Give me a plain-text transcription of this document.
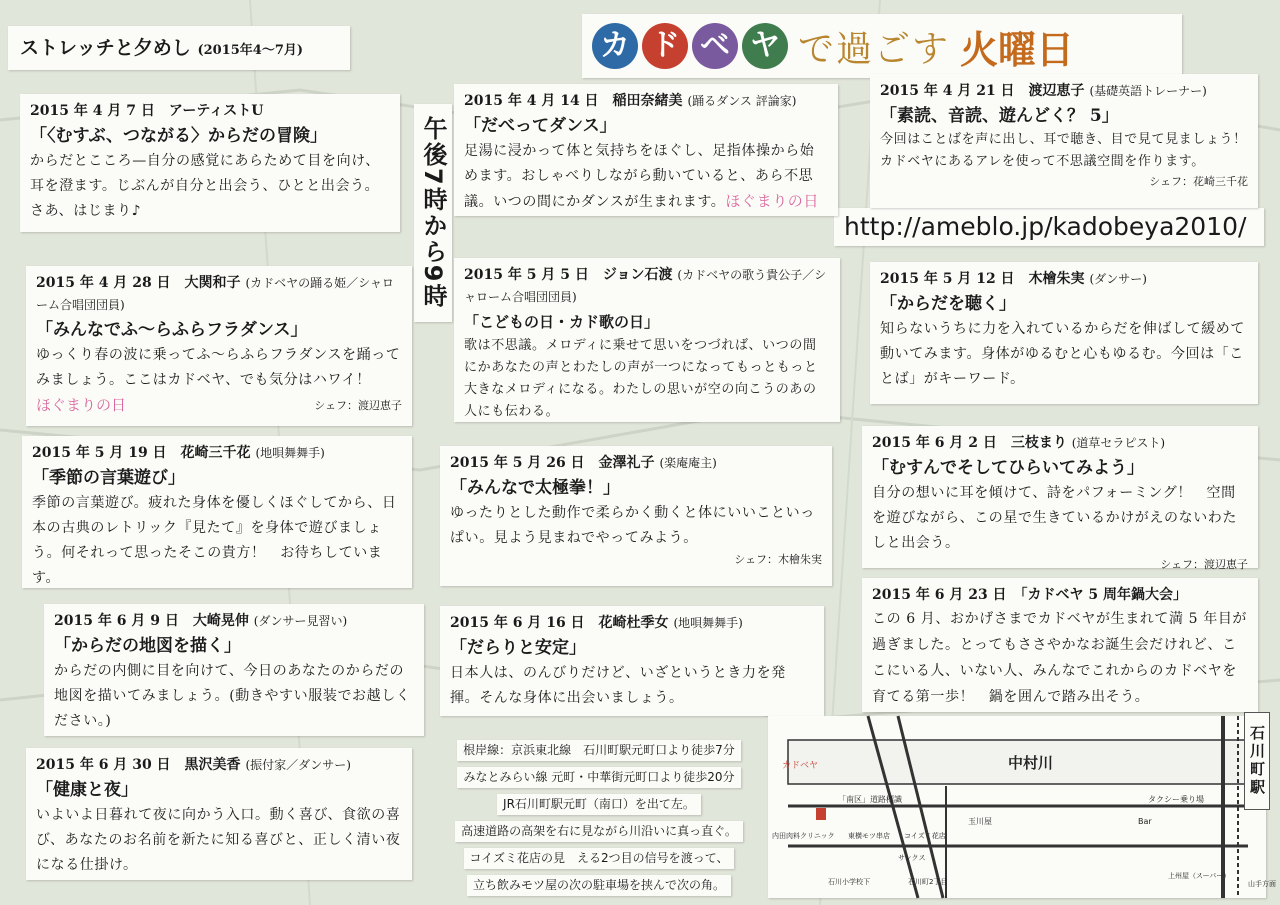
ストレッチと夕めし (2015年4〜7月)	カ ド ベ ヤ で過ごす 火曜日
午後7時から9時	http://ameblo.jp/kadobeya2010/
2015 年 4 月 7 日　アーティストU
「〈むすぶ、つながる〉からだの冒険」
からだとこころ—自分の感覚にあらためて目を向け、耳を澄ます。じぶんが自分と出会う、ひとと出会う。さあ、はじまり♪
2015 年 4 月 14 日　稲田奈緒美 (踊るダンス 評論家)
「だべってダンス」
足湯に浸かって体と気持ちをほぐし、足指体操から始めます。おしゃべりしながら動いていると、あら不思議。いつの間にかダンスが生まれます。ほぐまりの日
2015 年 4 月 21 日　渡辺恵子 (基礎英語トレーナー)
「素読、音読、遊んどく？ 5」
今回はことばを声に出し、耳で聴き、目で見て見ましょう！ カドベヤにあるアレを使って不思議空間を作ります。
シェフ：花崎三千花
2015 年 4 月 28 日　大関和子 (カドベヤの踊る姫／シャローム合唱団団員)
「みんなでふ〜らふらフラダンス」
ゆっくり春の波に乗ってふ〜らふらフラダンスを踊ってみましょう。ここはカドベヤ、でも気分はハワイ！
ほぐまりの日	シェフ：渡辺恵子
2015 年 5 月 5 日　ジョン石渡 (カドベヤの歌う貴公子／シャローム合唱団団員)
「こどもの日・カド歌の日」
歌は不思議。メロディに乗せて思いをつづれば、いつの間にかあなたの声とわたしの声が一つになってもっともっと大きなメロディになる。わたしの思いが空の向こうのあの人にも伝わる。
2015 年 5 月 12 日　木檜朱実 (ダンサー)
「からだを聴く」
知らないうちに力を入れているからだを伸ばして緩めて動いてみます。身体がゆるむと心もゆるむ。今回は「ことば」がキーワード。
2015 年 5 月 19 日　花崎三千花 (地唄舞舞手)
「季節の言葉遊び」
季節の言葉遊び。疲れた身体を優しくほぐしてから、日本の古典のレトリック『見たて』を身体で遊びましょう。何それって思ったそこの貴方！　お待ちしています。
2015 年 5 月 26 日　金澤礼子 (楽庵庵主)
「みんなで太極拳！」
ゆったりとした動作で柔らかく動くと体にいいこといっぱい。見よう見まねでやってみよう。
シェフ：木檜朱実
2015 年 6 月 2 日　三枝まり (道草セラピスト)
「むすんでそしてひらいてみよう」
自分の想いに耳を傾けて、詩をパフォーミング！　空間を遊びながら、この星で生きているかけがえのないわたしと出会う。
シェフ：渡辺恵子
2015 年 6 月 9 日　大崎晃伸 (ダンサー見習い)
「からだの地図を描く」
からだの内側に目を向けて、今日のあなたのからだの地図を描いてみましょう。(動きやすい服装でお越しください。)
2015 年 6 月 16 日　花崎杜季女 (地唄舞舞手)
「だらりと安定」
日本人は、のんびりだけど、いざというとき力を発揮。そんな身体に出会いましょう。
2015 年 6 月 23 日　「カドベヤ 5 周年鍋大会」
この 6 月、おかげさまでカドベヤが生まれて満 5 年目が過ぎました。とってもささやかなお誕生会だけれど、ここにいる人、いない人、みんなでこれからのカドベヤを育てる第一歩！　鍋を囲んで踏み出そう。
2015 年 6 月 30 日　黒沢美香 (振付家／ダンサー)
「健康と夜」
いよいよ日暮れて夜に向かう入口。動く喜び、食欲の喜び、あなたのお名前を新たに知る喜びと、正しく清い夜になる仕掛け。
根岸線：京浜東北線　石川町駅元町口より徒歩7分
みなとみらい線 元町・中華街元町口より徒歩20分
JR石川町駅元町（南口）を出て左。
高速道路の高架を右に見ながら川沿いに真っ直ぐ。
コイズミ花店の見　える2つ目の信号を渡って、
立ち飲みモツ屋の次の駐車場を挟んで次の角。
カドベヤ	中村川
「南区」道路標識	タクシー乗り場
内田肉料クリニック 東横モツ串店 コイズミ花店
玉川屋
サンクス
Bar
上州屋（スーパー）
石川小学校下	石川町2丁目	山手方面
石川町駅
